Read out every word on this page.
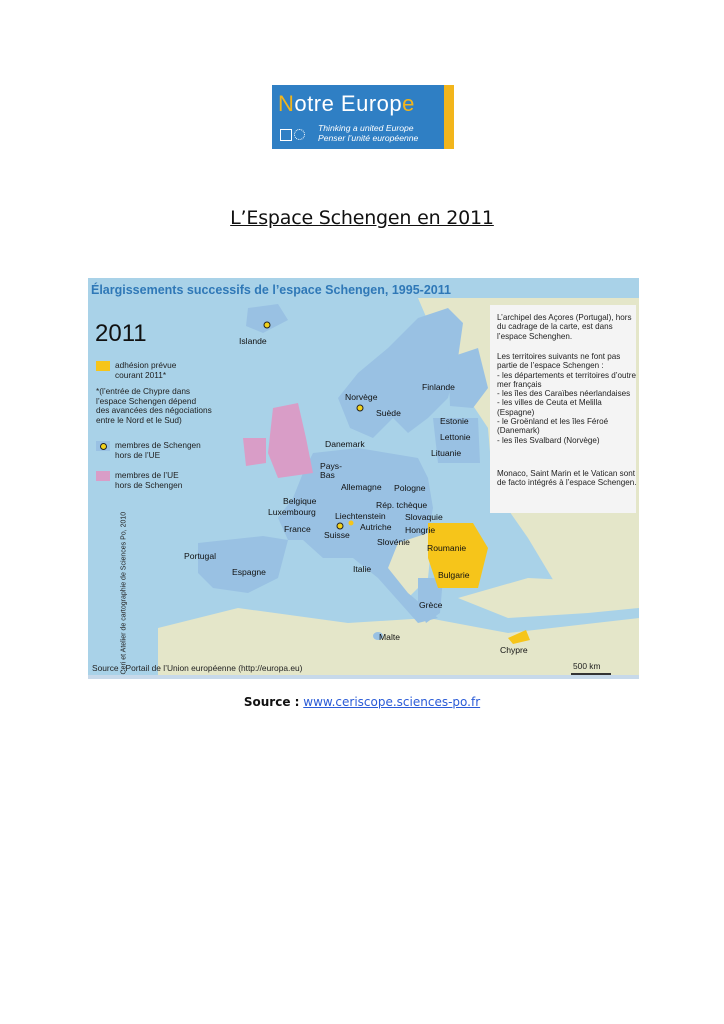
Notre Europe
Thinking a united Europe
Penser l’unité européenne
L’Espace Schengen en 2011
Élargissements successifs de l’espace Schengen, 1995-2011
2011
adhésion prévue
courant 2011*
*(l’entrée de Chypre dans
l’espace Schengen dépend
des avancées des négociations
entre le Nord et le Sud)
membres de Schengen
hors de l’UE
membres de l’UE
hors de Schengen
Ceri et Atelier de cartographie de Sciences Po, 2010
Islande
Norvège
Finlande
Suède
Estonie
Lettonie
Lituanie
Danemark
Pays-
Bas
Allemagne Pologne
Belgique
Luxembourg
Rép. tchèque
Liechtenstein Slovaquie
France	Autriche Hongrie
Suisse
Slovénie
Roumanie
Portugal
Espagne	Italie
Bulgarie
Grèce
Malte
Chypre

L’archipel des Açores (Portugal), hors du cadrage de la carte, est dans l’espace Schenghen.

Les territoires suivants ne font pas partie de l’espace Schengen :
- les départements et territoires d’outre mer français
- les îles des Caraïbes néerlandaises
- les villes de Ceuta et Melilla (Espagne)
- le Groënland et les îles Féroé (Danemark)
- les îles Svalbard (Norvège)

Monaco, Saint Marin et le Vatican sont de facto intégrés à l’espace Schengen.

Source : Portail de l’Union européenne (http://europa.eu)	500 km
Source : www.ceriscope.sciences-po.fr
